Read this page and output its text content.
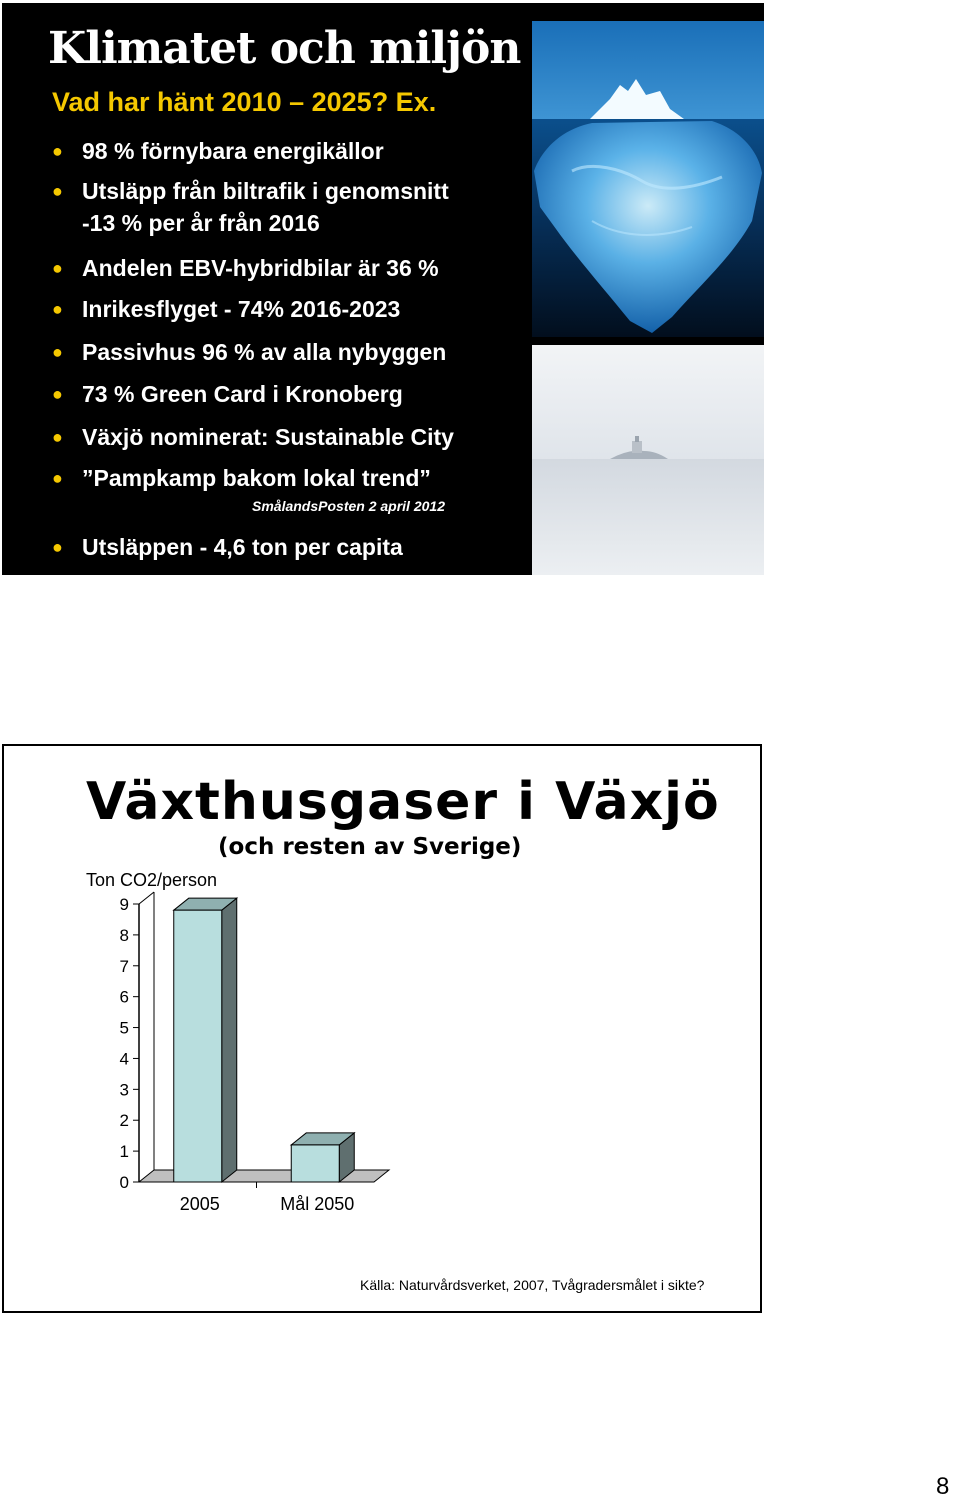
Klimatet och miljön
Vad har hänt 2010 – 2025? Ex.
● 98 % förnybara energikällor
● Utsläpp från biltrafik i genomsnitt
-13 % per år från 2016
● Andelen EBV-hybridbilar är 36 %
● Inrikesflyget - 74% 2016-2023
● Passivhus 96 % av alla nybyggen
● 73 % Green Card i Kronoberg
● Växjö nominerat: Sustainable City
● ”Pampkamp bakom lokal trend”
SmålandsPosten 2 april 2012
● Utsläppen - 4,6 ton per capita
Växthusgaser i Växjö
(och resten av Sverige)
Ton CO2/person
0
1
2
3
4
5
6
7
8
9
2005	Mål 2050
Källa: Naturvårdsverket, 2007, Tvågradersmålet i sikte?
8
